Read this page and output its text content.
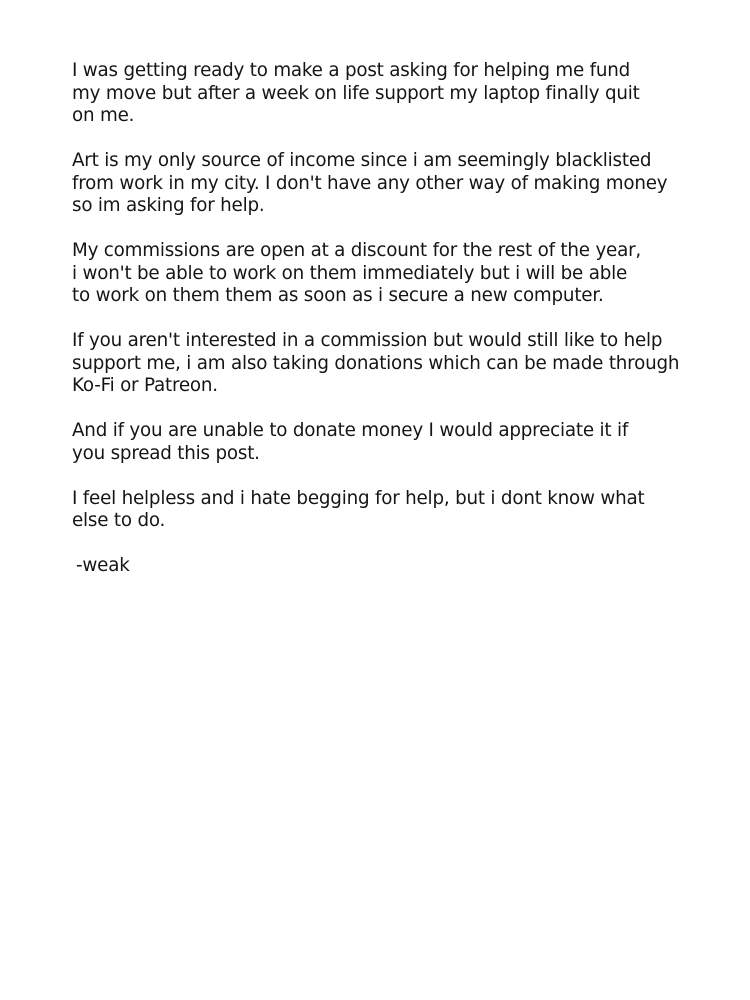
I was getting ready to make a post asking for helping me fund
my move but after a week on life support my laptop finally quit
on me.

Art is my only source of income since i am seemingly blacklisted
from work in my city. I don't have any other way of making money
so im asking for help.

My commissions are open at a discount for the rest of the year,
i won't be able to work on them immediately but i will be able
to work on them them as soon as i secure a new computer.

If you aren't interested in a commission but would still like to help
support me, i am also taking donations which can be made through
Ko-Fi or Patreon.

And if you are unable to donate money I would appreciate it if
you spread this post.

I feel helpless and i hate begging for help, but i dont know what
else to do.

-weak
